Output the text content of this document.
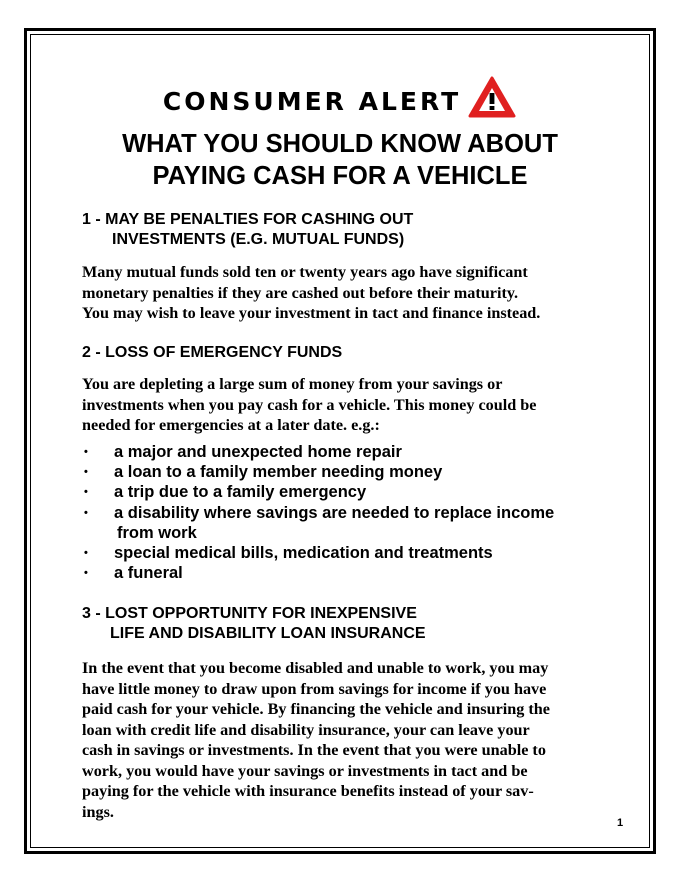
CONSUMER ALERT
WHAT YOU SHOULD KNOW ABOUT
PAYING CASH FOR A VEHICLE
1 - MAY BE PENALTIES FOR CASHING OUT
INVESTMENTS (E.G. MUTUAL FUNDS)
Many mutual funds sold ten or twenty years ago have significant
monetary penalties if they are cashed out before their maturity.
You may wish to leave your investment in tact and finance instead.
2 - LOSS OF EMERGENCY FUNDS
You are depleting a large sum of money from your savings or
investments when you pay cash for a vehicle. This money could be
needed for emergencies at a later date. e.g.:
• a major and unexpected home repair
• a loan to a family member needing money
• a trip due to a family emergency
• a disability where savings are needed to replace income
from work
• special medical bills, medication and treatments
• a funeral
3 - LOST OPPORTUNITY FOR INEXPENSIVE
LIFE AND DISABILITY LOAN INSURANCE
In the event that you become disabled and unable to work, you may
have little money to draw upon from savings for income if you have
paid cash for your vehicle. By financing the vehicle and insuring the
loan with credit life and disability insurance, your can leave your
cash in savings or investments. In the event that you were unable to
work, you would have your savings or investments in tact and be
paying for the vehicle with insurance benefits instead of your sav-
ings.
1
